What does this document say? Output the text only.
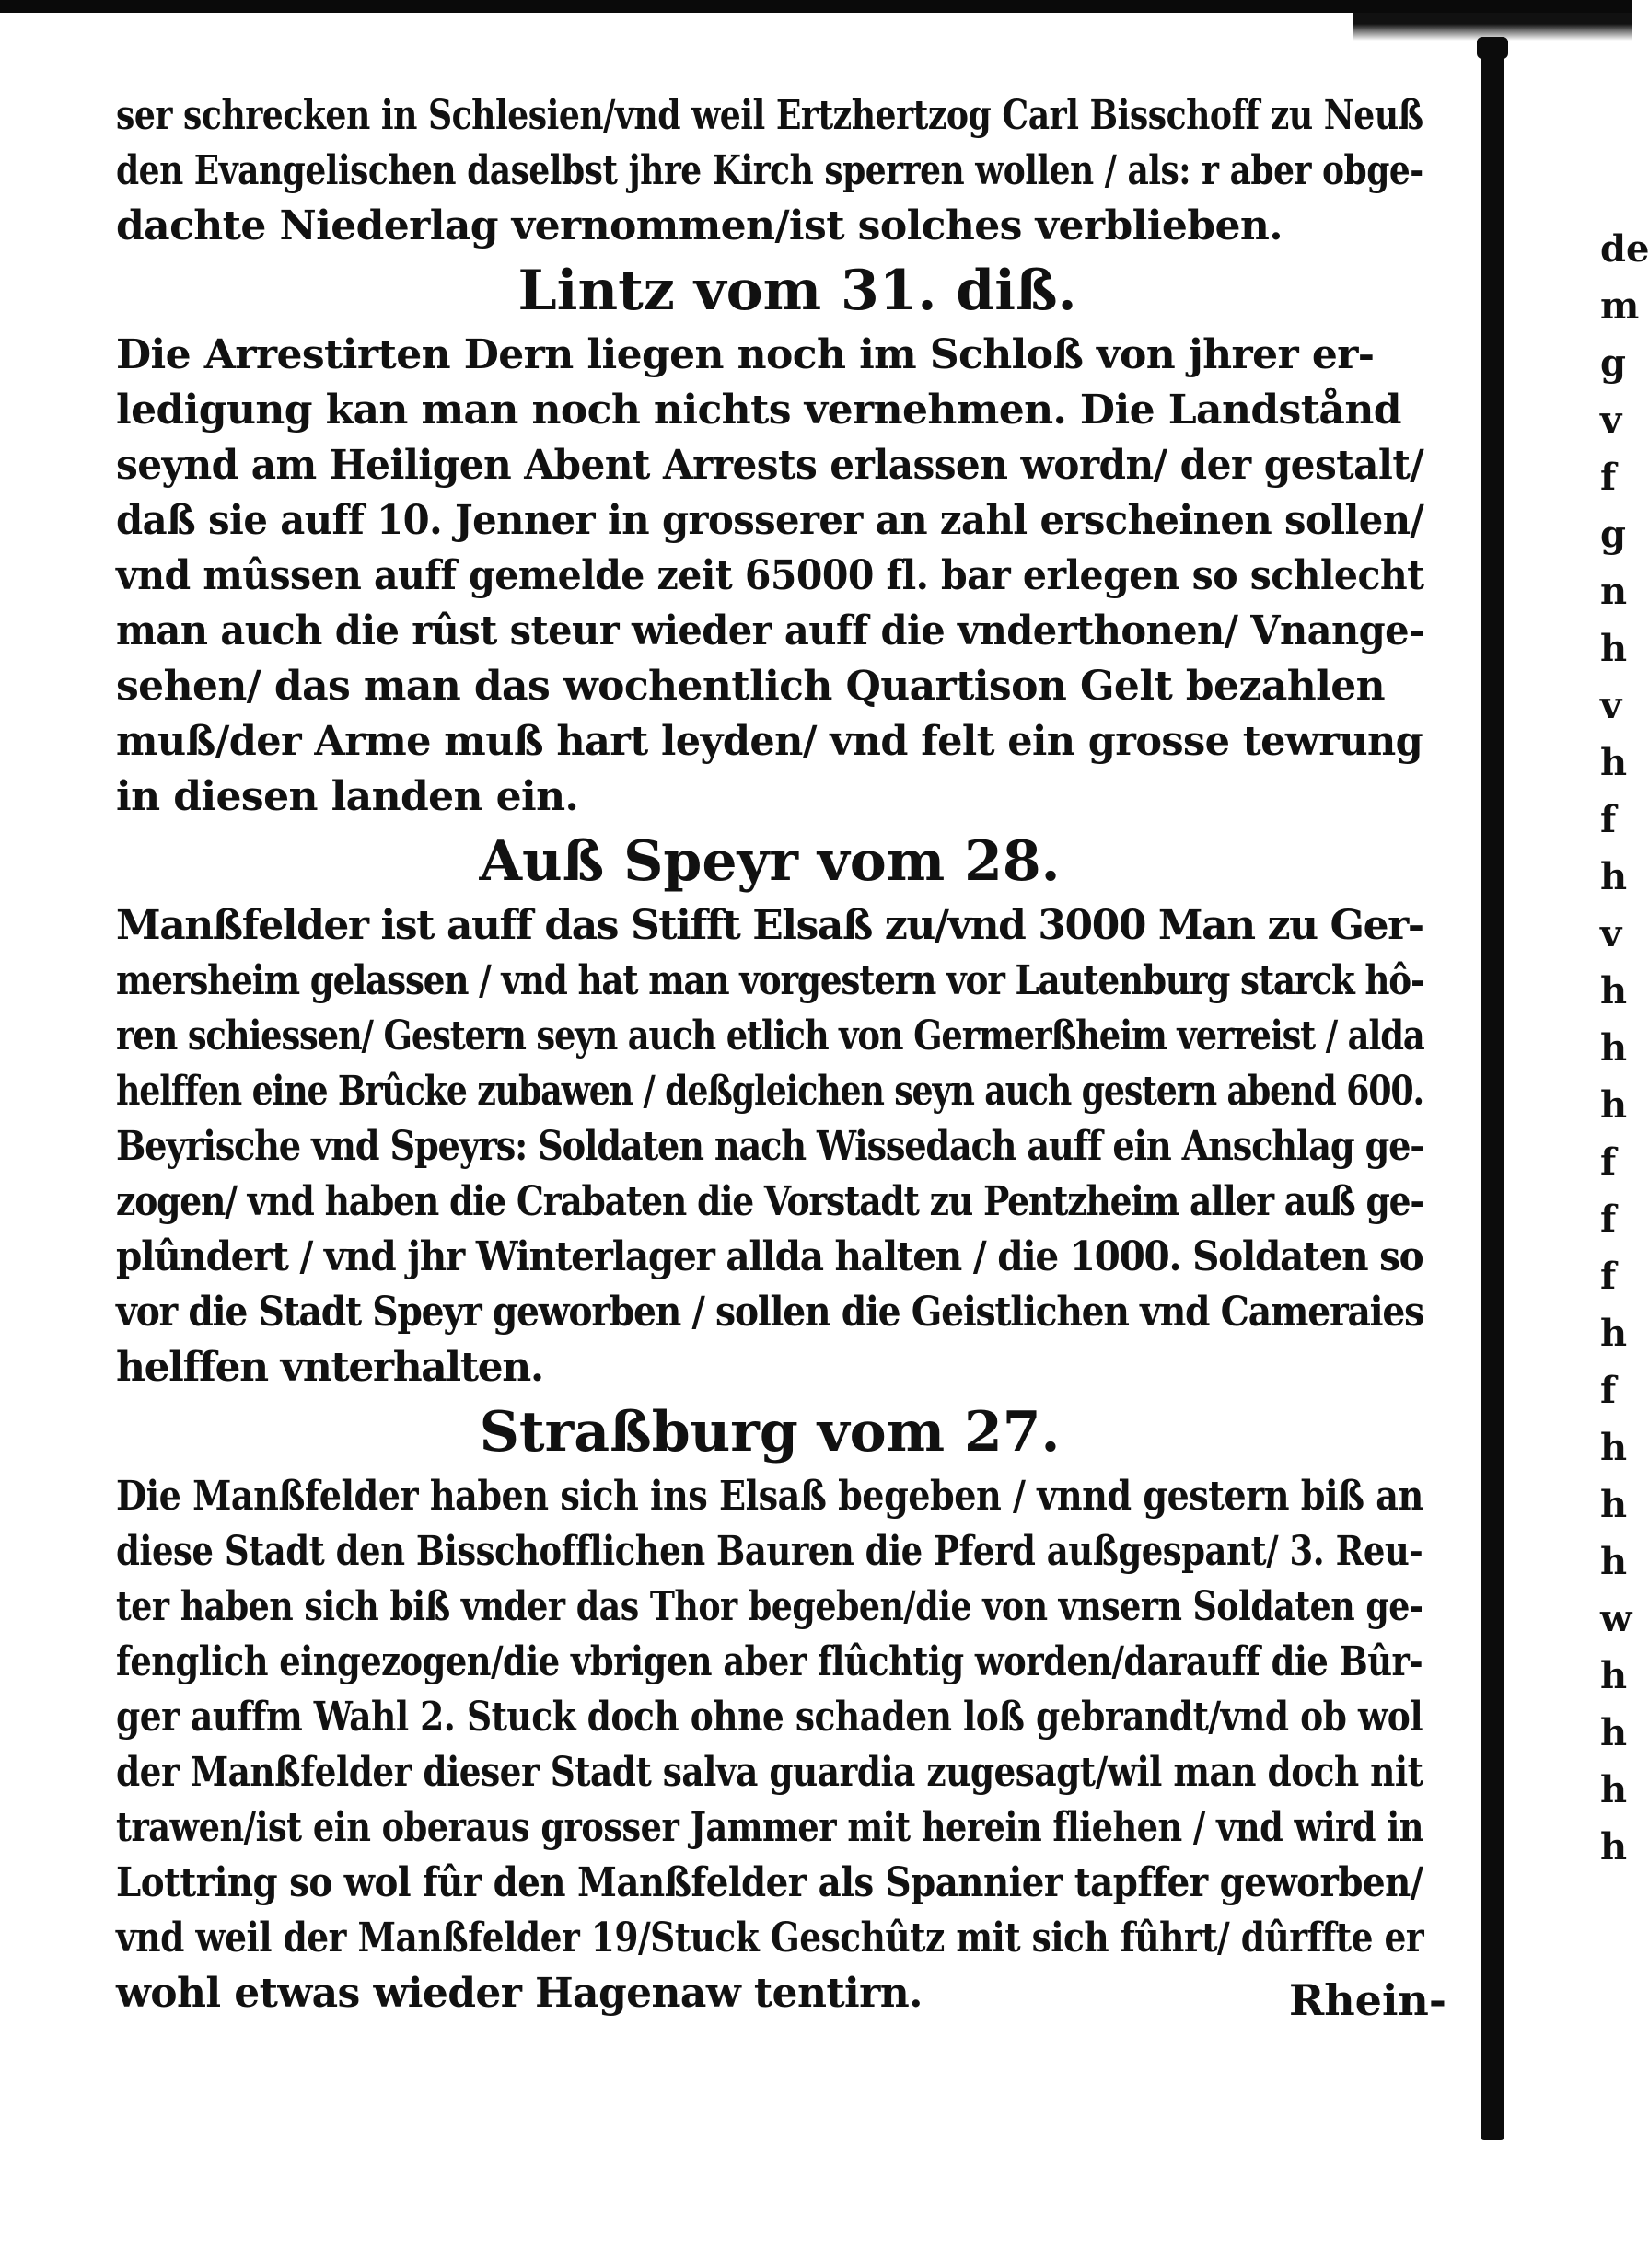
de
m
g
v
f
g
n
h
v
h
f
h
v
h
h
h
f
f
f
h
f
h
h
h
w
h
h
h
h
ser schrecken in Schlesien/vnd weil Ertzhertzog Carl Bisschoff zu Neuß
den Evangelischen daselbst jhre Kirch sperren wollen / als: r aber obge-
dachte Niederlag vernommen/ist solches verblieben.
Lintz vom 31. diß.
Die Arrestirten Dern liegen noch im Schloß von jhrer er-
ledigung kan man noch nichts vernehmen. Die Landstånd
seynd am Heiligen Abent Arrests erlassen wordn/ der gestalt/
daß sie auff 10. Jenner in grosserer an zahl erscheinen sollen/
vnd mûssen auff gemelde zeit 65000 fl. bar erlegen so schlecht
man auch die rûst steur wieder auff die vnderthonen/ Vnange-
sehen/ das man das wochentlich Quartison Gelt bezahlen
muß/der Arme muß hart leyden/ vnd felt ein grosse tewrung
in diesen landen ein.
Auß Speyr vom 28.
Manßfelder ist auff das Stifft Elsaß zu/vnd 3000 Man zu Ger-
mersheim gelassen / vnd hat man vorgestern vor Lautenburg starck hô-
ren schiessen/ Gestern seyn auch etlich von Germerßheim verreist / alda
helffen eine Brûcke zubawen / deßgleichen seyn auch gestern abend 600.
Beyrische vnd Speyrs: Soldaten nach Wissedach auff ein Anschlag ge-
zogen/ vnd haben die Crabaten die Vorstadt zu Pentzheim aller auß ge-
plûndert / vnd jhr Winterlager allda halten / die 1000. Soldaten so
vor die Stadt Speyr geworben / sollen die Geistlichen vnd Cameraies
helffen vnterhalten.
Straßburg vom 27.
Die Manßfelder haben sich ins Elsaß begeben / vnnd gestern biß an
diese Stadt den Bisschofflichen Bauren die Pferd außgespant/ 3. Reu-
ter haben sich biß vnder das Thor begeben/die von vnsern Soldaten ge-
fenglich eingezogen/die vbrigen aber flûchtig worden/darauff die Bûr-
ger auffm Wahl 2. Stuck doch ohne schaden loß gebrandt/vnd ob wol
der Manßfelder dieser Stadt salva guardia zugesagt/wil man doch nit
trawen/ist ein oberaus grosser Jammer mit herein fliehen / vnd wird in
Lottring so wol fûr den Manßfelder als Spannier tapffer geworben/
vnd weil der Manßfelder 19/Stuck Geschûtz mit sich fûhrt/ dûrffte er
wohl etwas wieder Hagenaw tentirn.	Rhein-
